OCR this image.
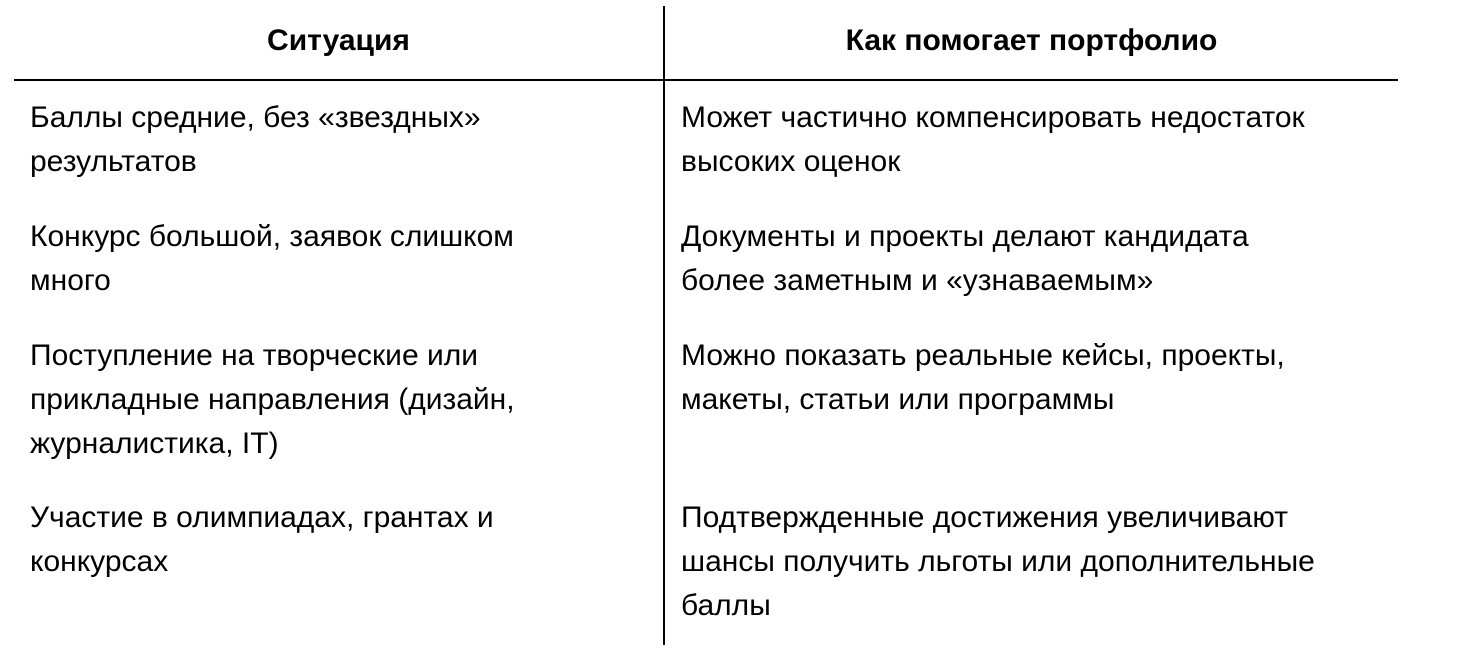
Ситуация	Как помогает портфолио
Баллы средние, без «звездных»
результатов
Может частично компенсировать недостаток
высоких оценок
Конкурс большой, заявок слишком
много
Документы и проекты делают кандидата
более заметным и «узнаваемым»
Поступление на творческие или
прикладные направления (дизайн,
журналистика, IT)
Можно показать реальные кейсы, проекты,
макеты, статьи или программы
Участие в олимпиадах, грантах и
конкурсах
Подтвержденные достижения увеличивают
шансы получить льготы или дополнительные
баллы
